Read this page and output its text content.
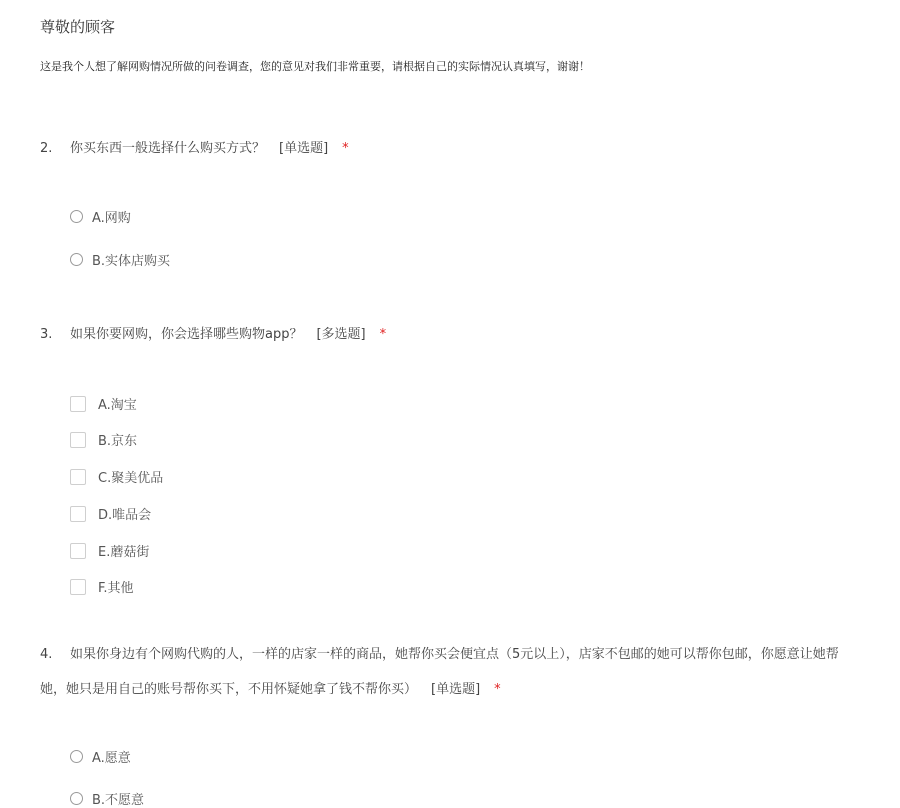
尊敬的顾客
这是我个人想了解网购情况所做的问卷调查，您的意见对我们非常重要，请根据自己的实际情况认真填写，谢谢！
2. 你买东西一般选择什么购买方式？ [单选题] *
A.网购
B.实体店购买
3. 如果你要网购，你会选择哪些购物app？ [多选题] *
A.淘宝
B.京东
C.聚美优品
D.唯品会
E.蘑菇街
F.其他
4. 如果你身边有个网购代购的人，一样的店家一样的商品，她帮你买会便宜点（5元以上），店家不包邮的她可以帮你包邮，你愿意让她帮
她，她只是用自己的账号帮你买下，不用怀疑她拿了钱不帮你买） [单选题] *
A.愿意
B.不愿意
